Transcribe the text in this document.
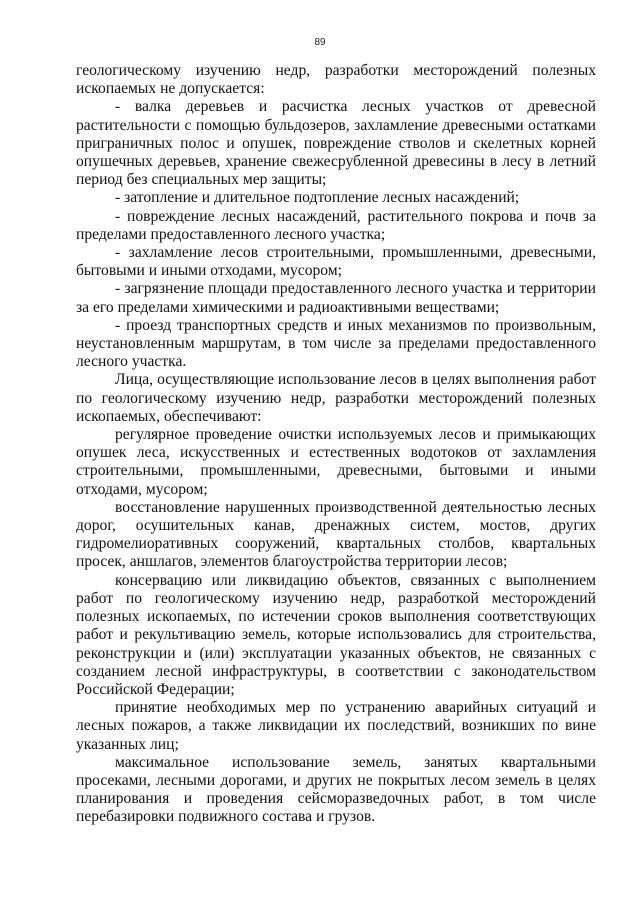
89

геологическому изучению недр, разработки месторождений полезных ископаемых не допускается:

- валка деревьев и расчистка лесных участков от древесной растительности с помощью бульдозеров, захламление древесными остатками приграничных полос и опушек, повреждение стволов и скелетных корней опушечных деревьев, хранение свежесрубленной древесины в лесу в летний период без специальных мер защиты;

- затопление и длительное подтопление лесных насаждений;

- повреждение лесных насаждений, растительного покрова и почв за пределами предоставленного лесного участка;

- захламление лесов строительными, промышленными, древесными, бытовыми и иными отходами, мусором;

- загрязнение площади предоставленного лесного участка и территории за его пределами химическими и радиоактивными веществами;

- проезд транспортных средств и иных механизмов по произвольным, неустановленным маршрутам, в том числе за пределами предоставленного лесного участка.

Лица, осуществляющие использование лесов в целях выполнения работ по геологическому изучению недр, разработки месторождений полезных ископаемых, обеспечивают:

регулярное проведение очистки используемых лесов и примыкающих опушек леса, искусственных и естественных водотоков от захламления строительными, промышленными, древесными, бытовыми и иными отходами, мусором;

восстановление нарушенных производственной деятельностью лесных дорог, осушительных канав, дренажных систем, мостов, других гидромелиоративных сооружений, квартальных столбов, квартальных просек, аншлагов, элементов благоустройства территории лесов;

консервацию или ликвидацию объектов, связанных с выполнением работ по геологическому изучению недр, разработкой месторождений полезных ископаемых, по истечении сроков выполнения соответствующих работ и рекультивацию земель, которые использовались для строительства, реконструкции и (или) эксплуатации указанных объектов, не связанных с созданием лесной инфраструктуры, в соответствии с законодательством Российской Федерации;

принятие необходимых мер по устранению аварийных ситуаций и лесных пожаров, а также ликвидации их последствий, возникших по вине указанных лиц;

максимальное использование земель, занятых квартальными просеками, лесными дорогами, и других не покрытых лесом земель в целях планирования и проведения сейсморазведочных работ, в том числе перебазировки подвижного состава и грузов.
